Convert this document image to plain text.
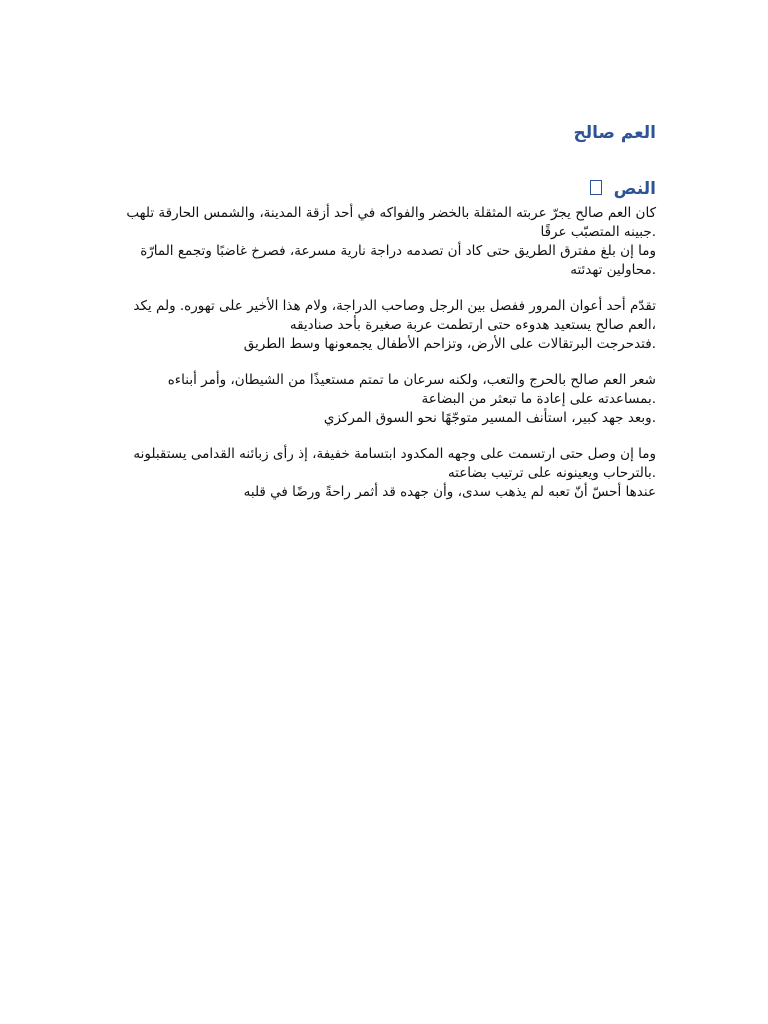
العم صالح
النص

كان العم صالح يجرّ عربته المثقلة بالخضر والفواكه في أحد أزقة المدينة، والشمس الحارقة تلهب
.جبينه المتصبّب عرقًا
وما إن بلغ مفترق الطريق حتى كاد أن تصدمه دراجة نارية مسرعة، فصرخ غاضبًا وتجمع المارّة
.محاولين تهدئته

تقدّم أحد أعوان المرور ففصل بين الرجل وصاحب الدراجة، ولام هذا الأخير على تهوره. ولم يكد
،العم صالح يستعيد هدوءه حتى ارتطمت عربة صغيرة بأحد صناديقه
.فتدحرجت البرتقالات على الأرض، وتزاحم الأطفال يجمعونها وسط الطريق

شعر العم صالح بالحرج والتعب، ولكنه سرعان ما تمتم مستعيذًا من الشيطان، وأمر أبناءه
.بمساعدته على إعادة ما تبعثر من البضاعة
.وبعد جهد كبير، استأنف المسير متوجّهًا نحو السوق المركزي

وما إن وصل حتى ارتسمت على وجهه المكدود ابتسامة خفيفة، إذ رأى زبائنه القدامى يستقبلونه
.بالترحاب ويعينونه على ترتيب بضاعته
عندها أحسّ أنّ تعبه لم يذهب سدى، وأن جهده قد أثمر راحةً ورضًا في قلبه
